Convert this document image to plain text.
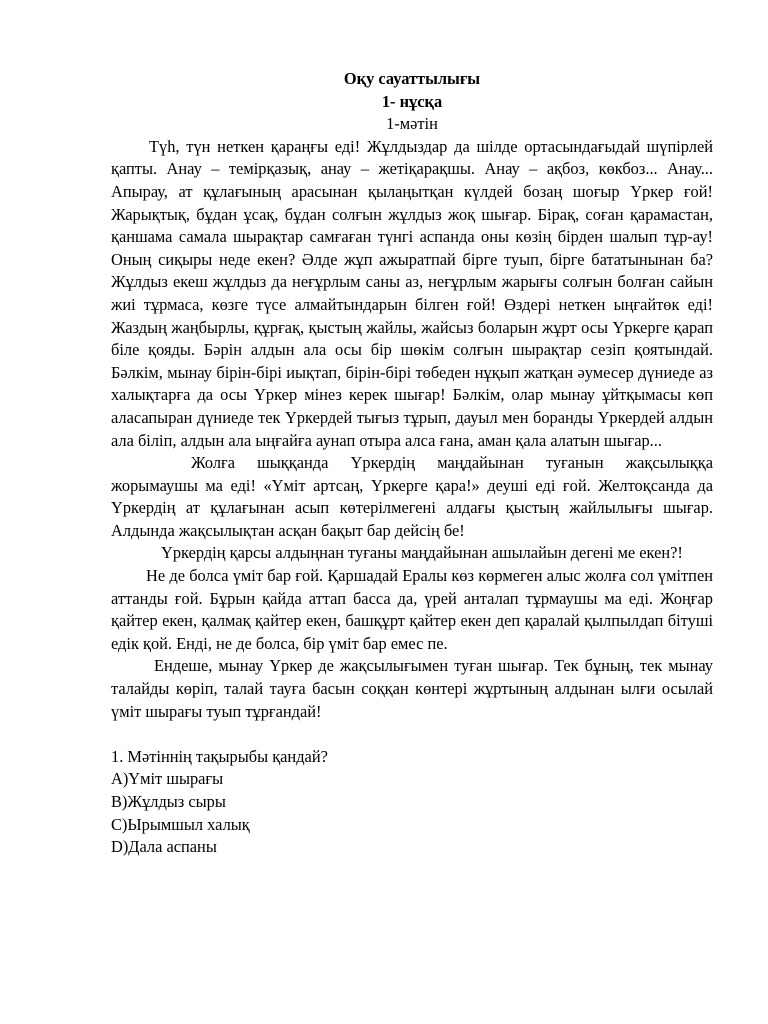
Оқу сауаттылығы

1- нұсқа

1-мәтін

Түһ, түн неткен қараңғы еді! Жұлдыздар да шілде ортасындағыдай шүпірлей қапты. Анау – темірқазық, анау – жетіқарақшы. Анау – ақбоз, көкбоз... Анау... Апырау, ат құлағының арасынан қылаңытқан күлдей бозаң шоғыр Үркер ғой! Жарықтық, бұдан ұсақ, бұдан солғын жұлдыз жоқ шығар. Бірақ, соған қарамастан, қаншама самала шырақтар самғаған түнгі аспанда оны көзің бірден шалып тұр-ау! Оның сиқыры неде екен? Әлде жұп ажыратпай бірге туып, бірге бататынынан ба? Жұлдыз екеш жұлдыз да неғұрлым саны аз, неғұрлым жарығы солғын болған сайын жиі тұрмаса, көзге түсе алмайтындарын білген ғой! Өздері неткен ыңғайтөк еді! Жаздың жаңбырлы, құрғақ, қыстың жайлы, жайсыз боларын жұрт осы Үркерге қарап біле қояды. Бәрін алдын ала осы бір шөкім солғын шырақтар сезіп қоятындай. Бәлкім, мынау бірін-бірі иықтап, бірін-бірі төбеден нұқып жатқан әумесер дүниеде аз халықтарға да осы Үркер мінез керек шығар! Бәлкім, олар мынау ұйтқымасы көп аласапыран дүниеде тек Үркердей тығыз тұрып, дауыл мен боранды Үркердей алдын ала біліп, алдын ала ыңғайға аунап отыра алса ғана, аман қала алатын шығар...

Жолға шыққанда Үркердің маңдайынан туғанын жақсылыққа жорымаушы ма еді! «Үміт артсаң, Үркерге қара!» деуші еді ғой. Желтоқсанда да Үркердің ат құлағынан асып көтерілмегені алдағы қыстың жайлылығы шығар. Алдында жақсылықтан асқан бақыт бар дейсің бе!

Үркердің қарсы алдыңнан туғаны маңдайынан ашылайын дегені ме екен?!

Не де болса үміт бар ғой. Қаршадай Ералы көз көрмеген алыс жолға сол үмітпен аттанды ғой. Бұрын қайда аттап басса да, үрей анталап тұрмаушы ма еді. Жоңғар қайтер екен, қалмақ қайтер екен, башқұрт қайтер екен деп қаралай қылпылдап бітуші едік қой. Енді, не де болса, бір үміт бар емес пе.

Ендеше, мынау Үркер де жақсылығымен туған шығар. Тек бұның, тек мынау талайды көріп, талай тауға басын соққан көнтері жұртының алдынан ылғи осылай үміт шырағы туып тұрғандай!

1. Мәтіннің тақырыбы қандай?

A)Үміт шырағы

B)Жұлдыз сыры

C)Ырымшыл халық

D)Дала аспаны
